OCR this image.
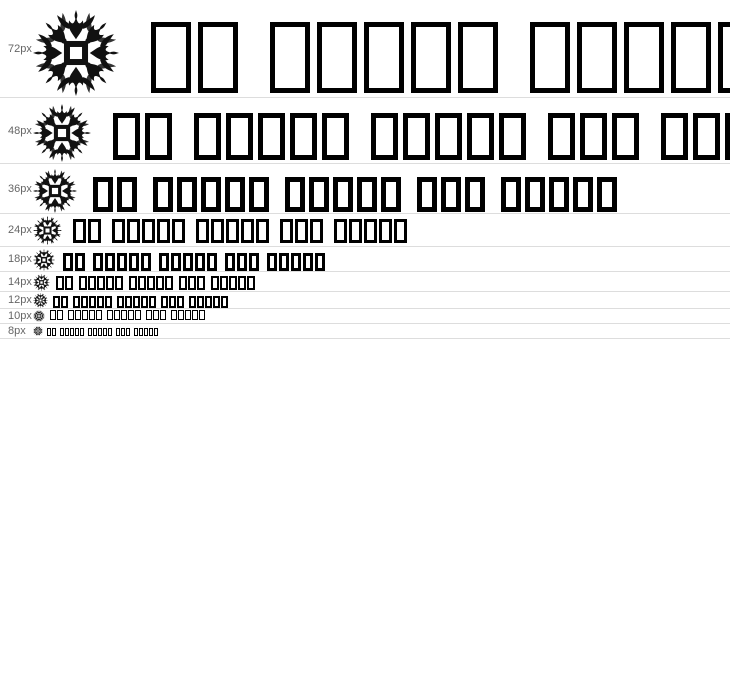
72px	

48px	

36px	

24px	

18px	

14px	

12px	

10px	

8px	
